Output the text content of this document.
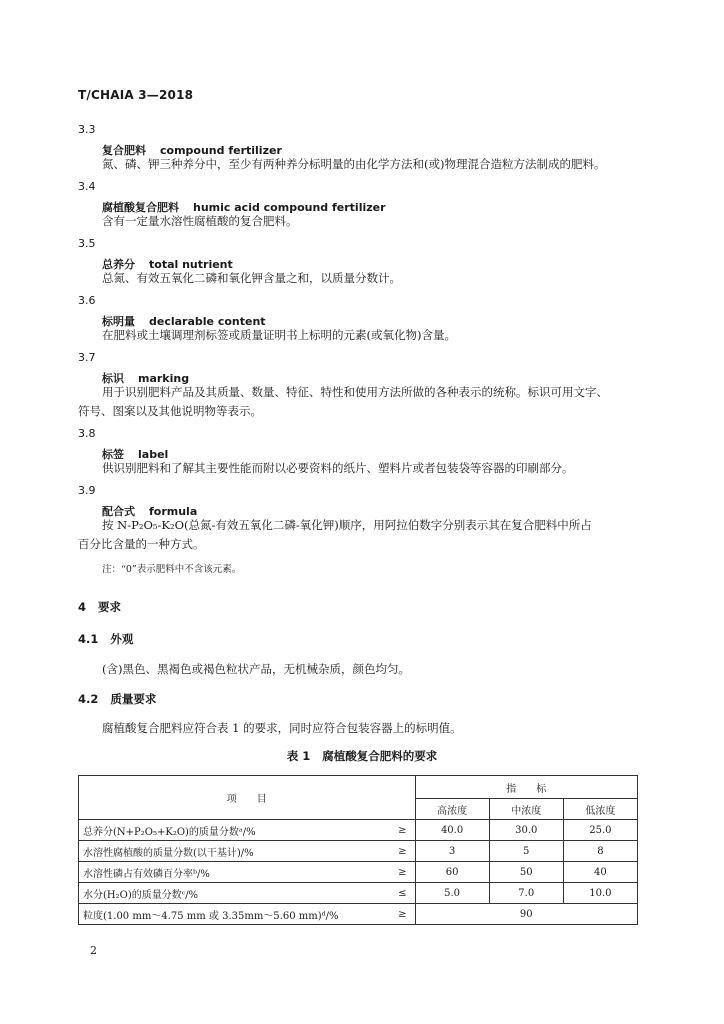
T/CHAIA 3—2018
3.3
复合肥料 compound fertilizer
氮、磷、钾三种养分中，至少有两种养分标明量的由化学方法和(或)物理混合造粒方法制成的肥料。
3.4
腐植酸复合肥料 humic acid compound fertilizer
含有一定量水溶性腐植酸的复合肥料。
3.5
总养分 total nutrient
总氮、有效五氧化二磷和氧化钾含量之和，以质量分数计。
3.6
标明量 declarable content
在肥料或土壤调理剂标签或质量证明书上标明的元素(或氧化物)含量。
3.7
标识 marking
用于识别肥料产品及其质量、数量、特征、特性和使用方法所做的各种表示的统称。标识可用文字、
符号、图案以及其他说明物等表示。
3.8
标签 label
供识别肥料和了解其主要性能而附以必要资料的纸片、塑料片或者包装袋等容器的印刷部分。
3.9
配合式 formula
按 N-P₂O₅-K₂O(总氮-有效五氧化二磷-氧化钾)顺序，用阿拉伯数字分别表示其在复合肥料中所占
百分比含量的一种方式。
注：“0”表示肥料中不含该元素。
4 要求
4.1 外观
(含)黑色、黑褐色或褐色粒状产品，无机械杂质，颜色均匀。
4.2 质量要求
腐植酸复合肥料应符合表 1 的要求，同时应符合包装容器上的标明值。
表 1 腐植酸复合肥料的要求
项　　目		指　　标		
		高浓度	中浓度	低浓度
总养分(N+P₂O₅+K₂O)的质量分数ᵃ/%	≥	40.0	30.0	25.0
水溶性腐植酸的质量分数(以干基计)/%	≥	3	5	8
水溶性磷占有效磷百分率ᵇ/%	≥	60	50	40
水分(H₂O)的质量分数ᶜ/%	≤	5.0	7.0	10.0
粒度(1.00 mm～4.75 mm 或 3.35mm～5.60 mm)ᵈ/%	≥	90		
2
